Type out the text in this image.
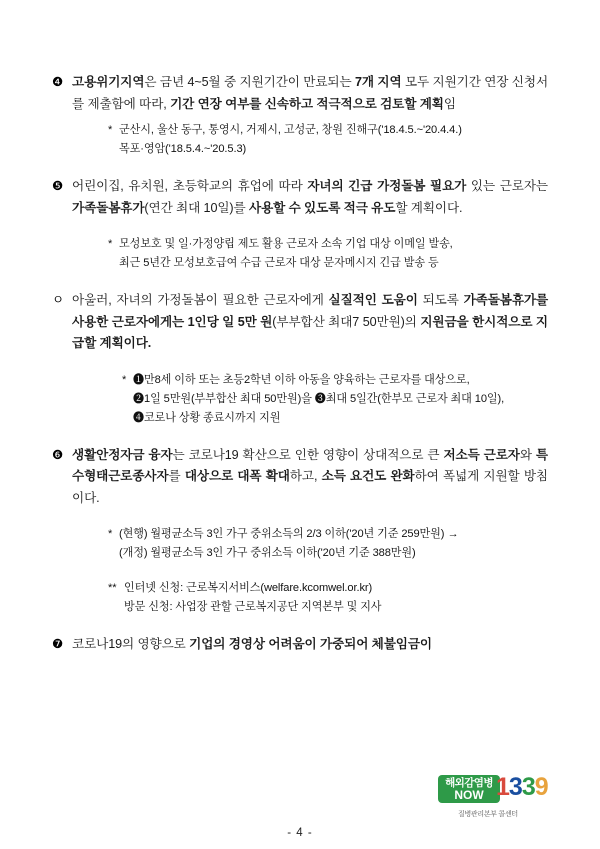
❹ 고용위기지역은 금년 4~5월 중 지원기간이 만료되는 7개 지역 모두 지원기간 연장 신청서를 제출함에 따라, 기간 연장 여부를 신속하고 적극적으로 검토할 계획임
* 군산시, 울산 동구, 통영시, 거제시, 고성군, 창원 진해구('18.4.5.~'20.4.4.)
목포·영암('18.5.4.~'20.5.3)
❺ 어린이집, 유치원, 초등학교의 휴업에 따라 자녀의 긴급 가정돌봄 필요가 있는 근로자는 가족돌봄휴가(연간 최대 10일)를 사용할 수 있도록 적극 유도할 계획이다.
* 모성보호 및 일·가정양립 제도 활용 근로자 소속 기업 대상 이메일 발송,
최근 5년간 모성보호급여 수급 근로자 대상 문자메시지 긴급 발송 등
ㅇ 아울러, 자녀의 가정돌봄이 필요한 근로자에게 실질적인 도움이 되도록 가족돌봄휴가를 사용한 근로자에게는 1인당 일 5만 원(부부합산 최대7 50만원)의 지원금을 한시적으로 지급할 계획이다.
* ❶만8세 이하 또는 초등2학년 이하 아동을 양육하는 근로자를 대상으로,
❷1일 5만원(부부합산 최대 50만원)을 ❸최대 5일간(한부모 근로자 최대 10일),
❹코로나 상황 종료시까지 지원
❻ 생활안정자금 융자는 코로나19 확산으로 인한 영향이 상대적으로 큰 저소득 근로자와 특수형태근로종사자를 대상으로 대폭 확대하고, 소득 요건도 완화하여 폭넓게 지원할 방침이다.
* (현행) 월평균소득 3인 가구 중위소득의 2/3 이하('20년 기준 259만원) →
(개정) 월평균소득 3인 가구 중위소득 이하('20년 기준 388만원)
** 인터넷 신청: 근로복지서비스(welfare.kcomwel.or.kr)
방문 신청: 사업장 관할 근로복지공단 지역본부 및 지사
❼ 코로나19의 영향으로 기업의 경영상 어려움이 가중되어 체불임금이
해외감염병
NOW 1339
질병관리본부 콜센터
- 4 -
